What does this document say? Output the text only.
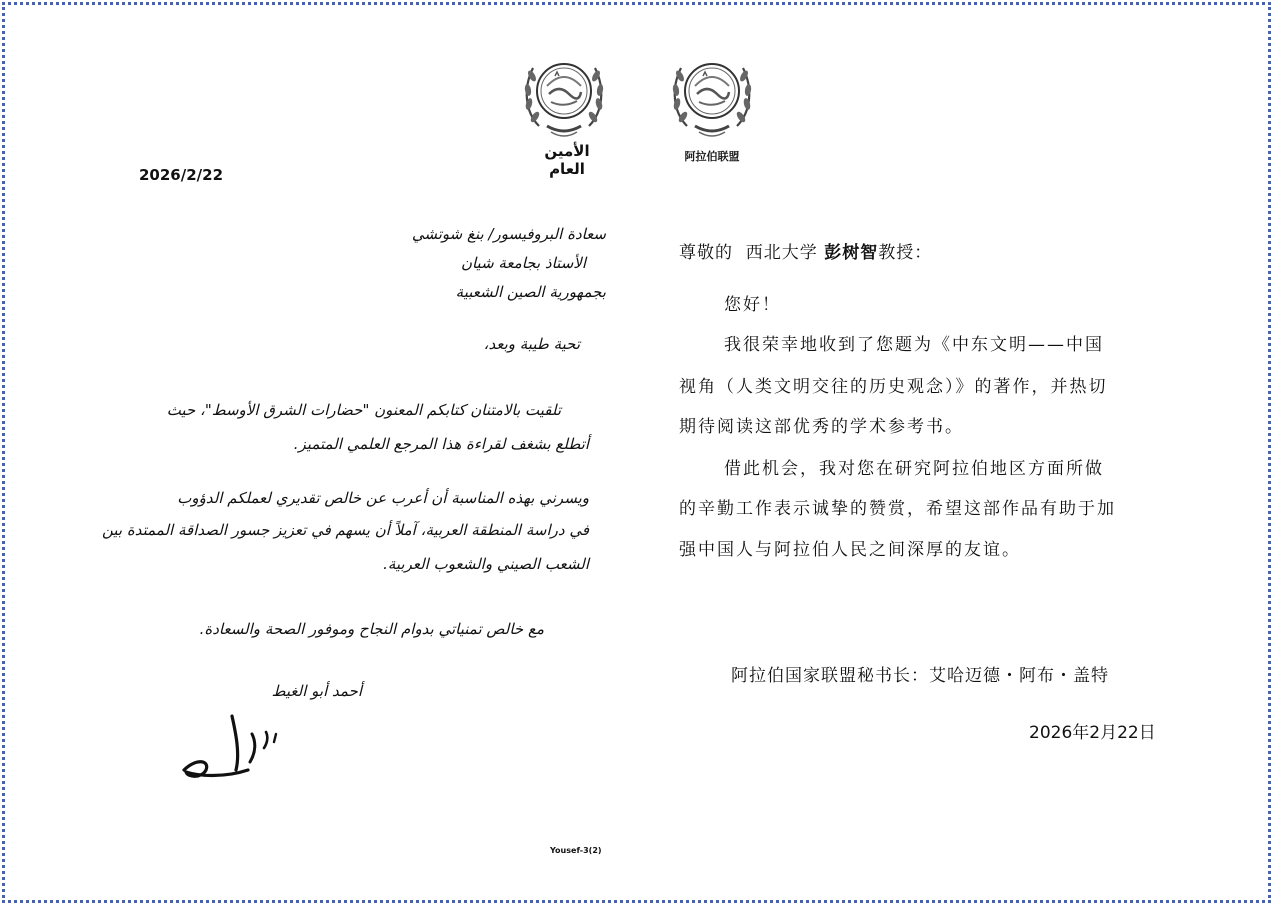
الأمين العام
阿拉伯联盟
2026/2/22
سعادة البروفيسور/ بنغ شوتشي
الأستاذ بجامعة شيان
بجمهورية الصين الشعبية
تحية طيبة وبعد،
تلقيت بالامتنان كتابكم المعنون "حضارات الشرق الأوسط"، حيث
أتطلع بشغف لقراءة هذا المرجع العلمي المتميز.
ويسرني بهذه المناسبة أن أعرب عن خالص تقديري لعملكم الدؤوب
في دراسة المنطقة العربية، آملاً أن يسهم في تعزيز جسور الصداقة الممتدة بين
الشعب الصيني والشعوب العربية.
مع خالص تمنياتي بدوام النجاح وموفور الصحة والسعادة.
أحمد أبو الغيط
Yousef-3(2)
尊敬的  西北大学 彭树智教授：
您好！
我很荣幸地收到了您题为《中东文明——中国
视角（人类文明交往的历史观念）》的著作，并热切
期待阅读这部优秀的学术参考书。
借此机会，我对您在研究阿拉伯地区方面所做
的辛勤工作表示诚挚的赞赏，希望这部作品有助于加
强中国人与阿拉伯人民之间深厚的友谊。
阿拉伯国家联盟秘书长：艾哈迈德・阿布・盖特
2026年2月22日
